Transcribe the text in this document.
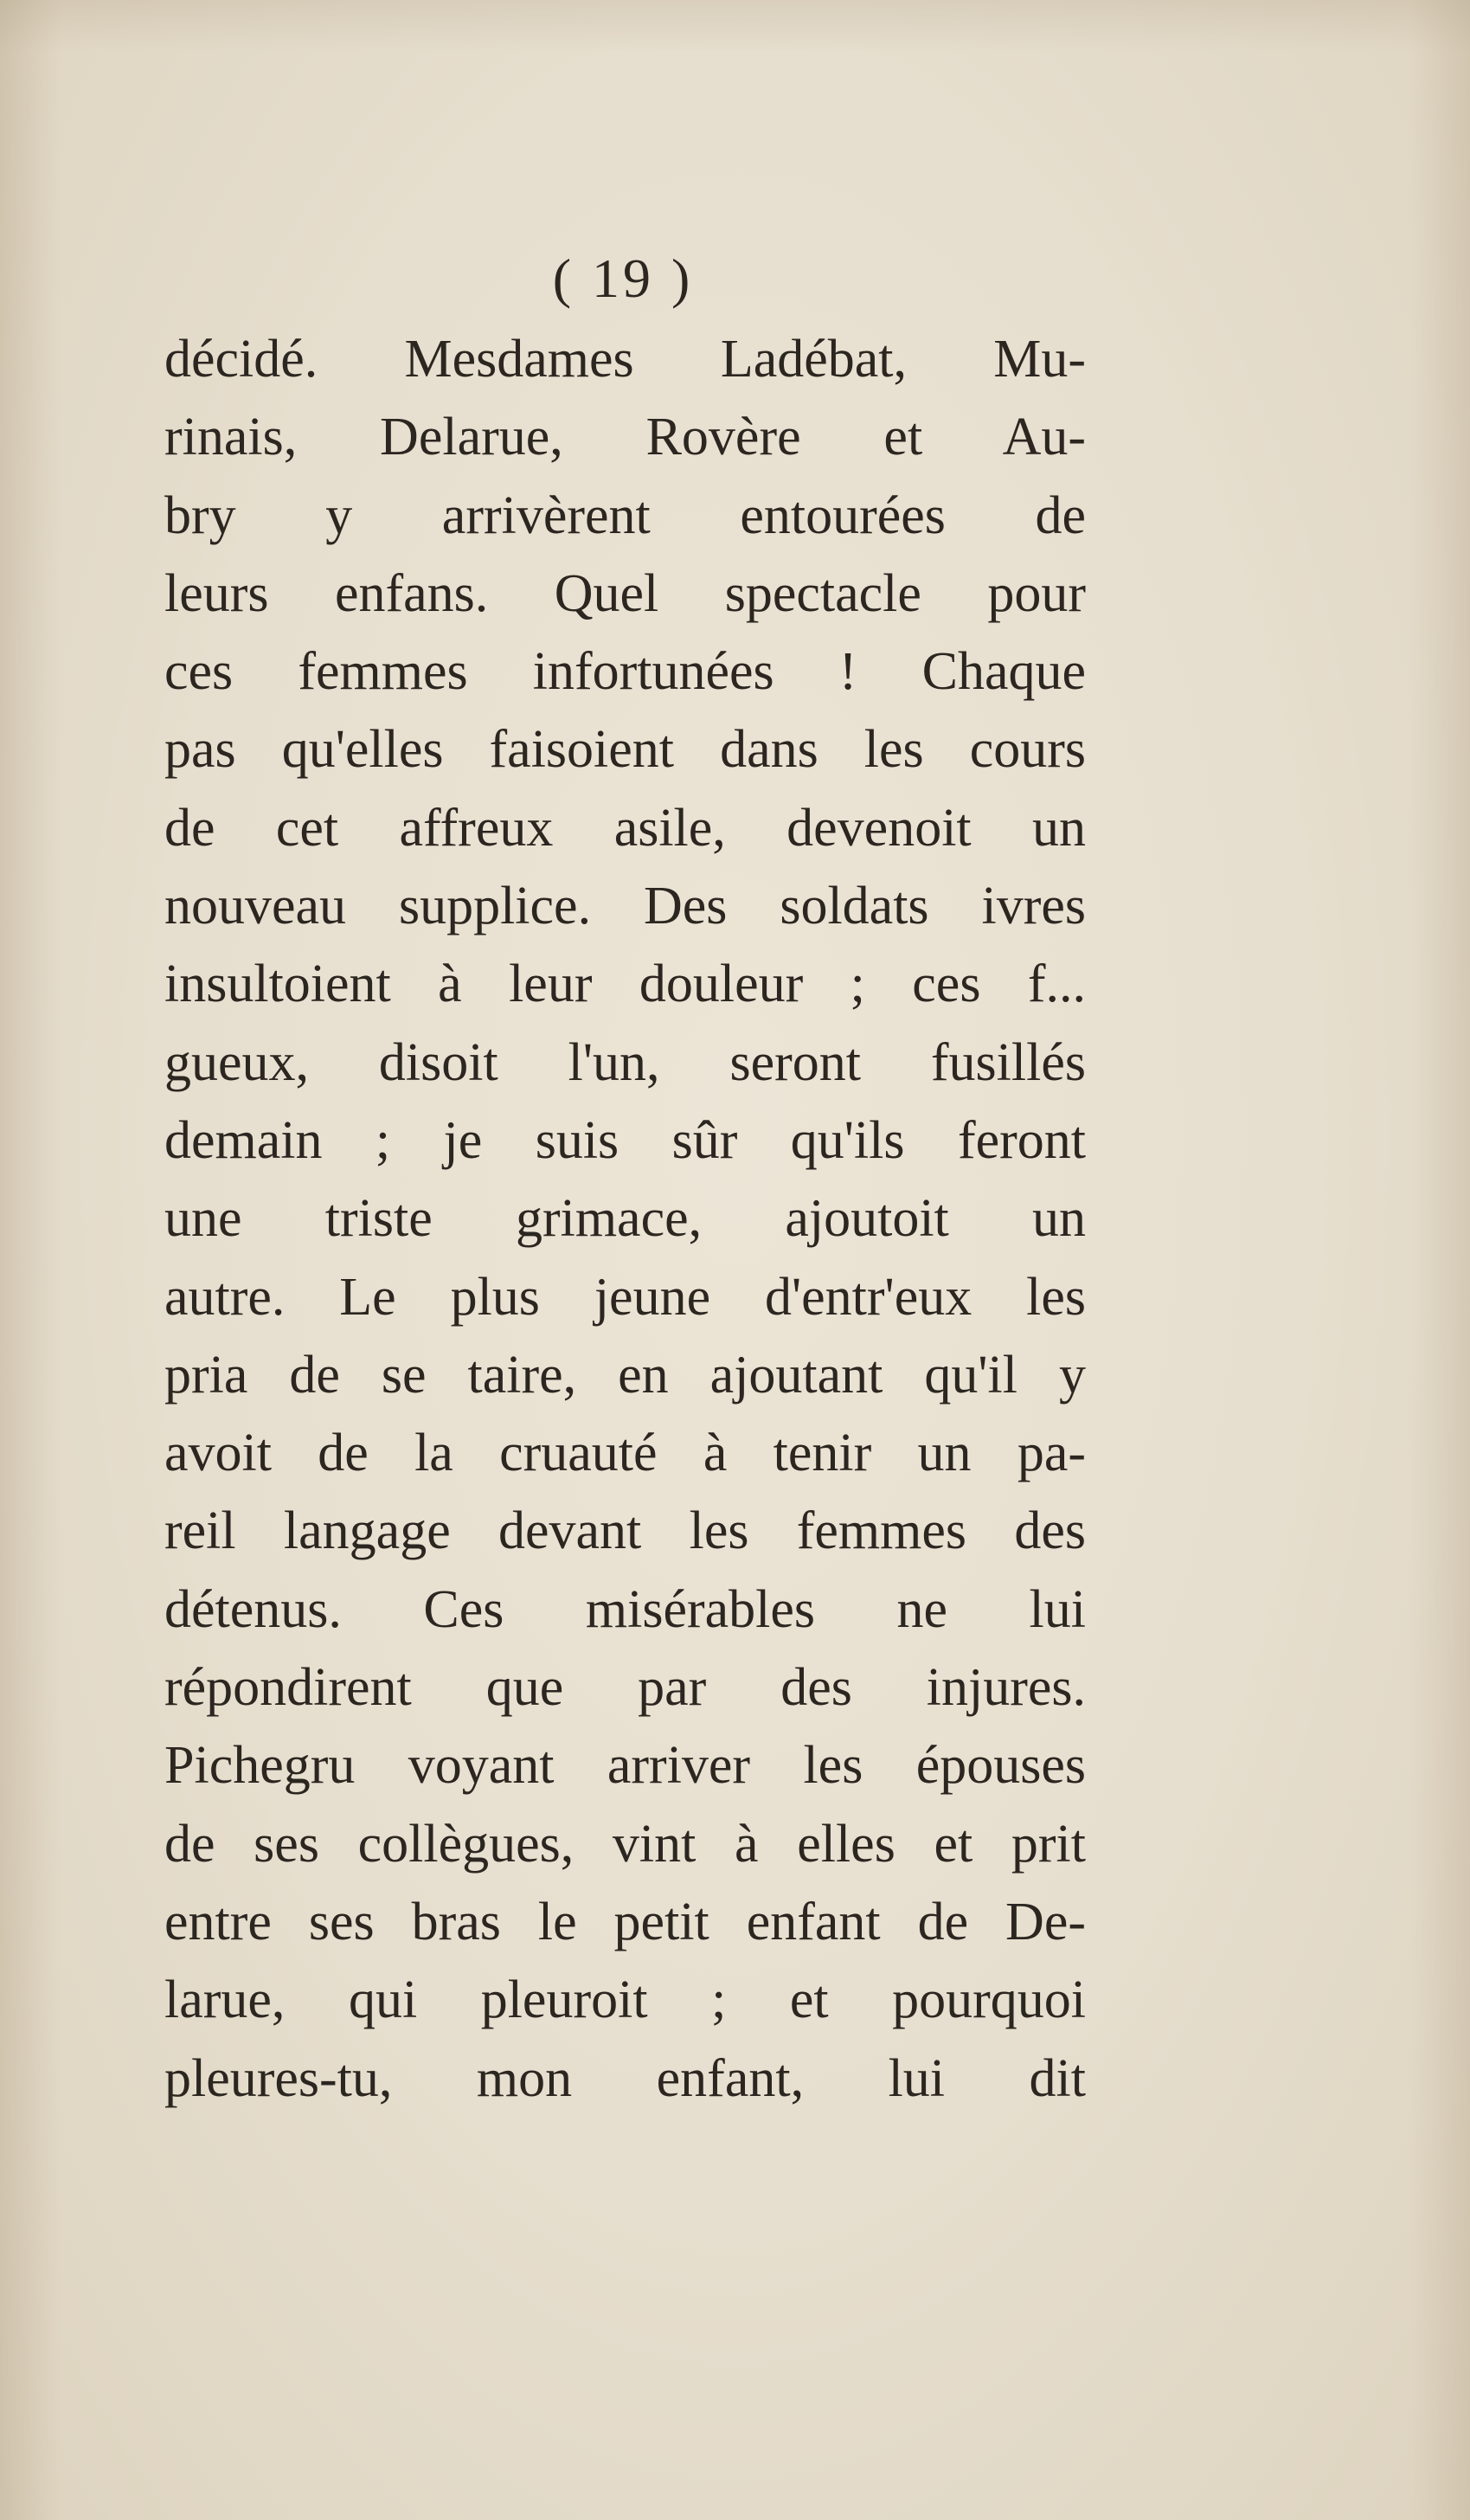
( 19 )
décidé. Mesdames Ladébat, Mu-
rinais, Delarue, Rovère et Au-
bry y arrivèrent entourées de
leurs enfans. Quel spectacle pour
ces femmes infortunées ! Chaque
pas qu'elles faisoient dans les cours
de cet affreux asile, devenoit un
nouveau supplice. Des soldats ivres
insultoient à leur douleur ; ces f...
gueux, disoit l'un, seront fusillés
demain ; je suis sûr qu'ils feront
une triste grimace, ajoutoit un
autre. Le plus jeune d'entr'eux les
pria de se taire, en ajoutant qu'il y
avoit de la cruauté à tenir un pa-
reil langage devant les femmes des
détenus. Ces misérables ne lui
répondirent que par des injures.
Pichegru voyant arriver les épouses
de ses collègues, vint à elles et prit
entre ses bras le petit enfant de De-
larue, qui pleuroit ; et pourquoi
pleures-tu, mon enfant, lui dit
